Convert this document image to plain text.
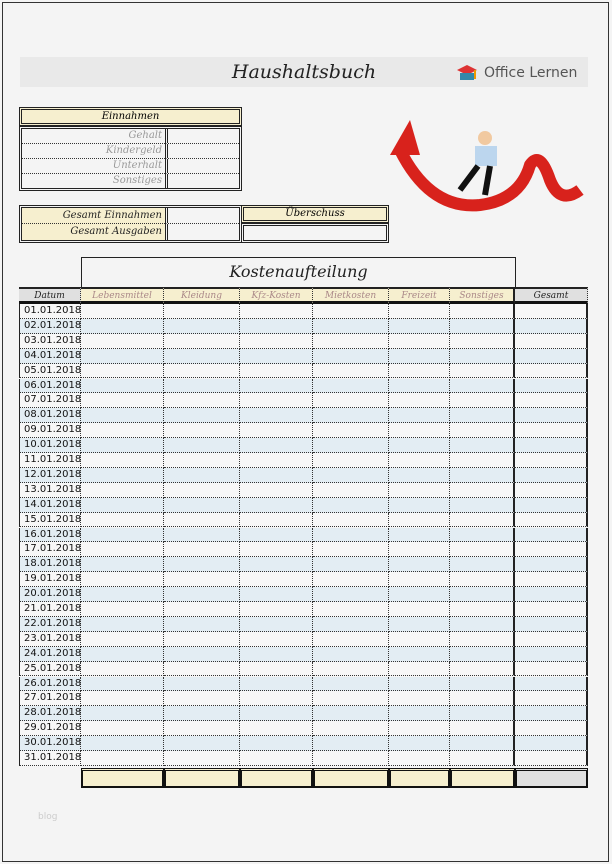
Haushaltsbuch	Office Lernen
Einnahmen
Gehalt
Kindergeld
Unterhalt
Sonstiges
Gesamt Einnahmen
Gesamt Ausgaben
Überschuss
Kostenaufteilung
Datum	Lebensmittel	Kleidung	Kfz-Kosten	Mietkosten	Freizeit	Sonstiges	Gesamt
01.01.2018
02.01.2018
03.01.2018
04.01.2018
05.01.2018
06.01.2018
07.01.2018
08.01.2018
09.01.2018
10.01.2018
11.01.2018
12.01.2018
13.01.2018
14.01.2018
15.01.2018
16.01.2018
17.01.2018
18.01.2018
19.01.2018
20.01.2018
21.01.2018
22.01.2018
23.01.2018
24.01.2018
25.01.2018
26.01.2018
27.01.2018
28.01.2018
29.01.2018
30.01.2018
31.01.2018
blog
